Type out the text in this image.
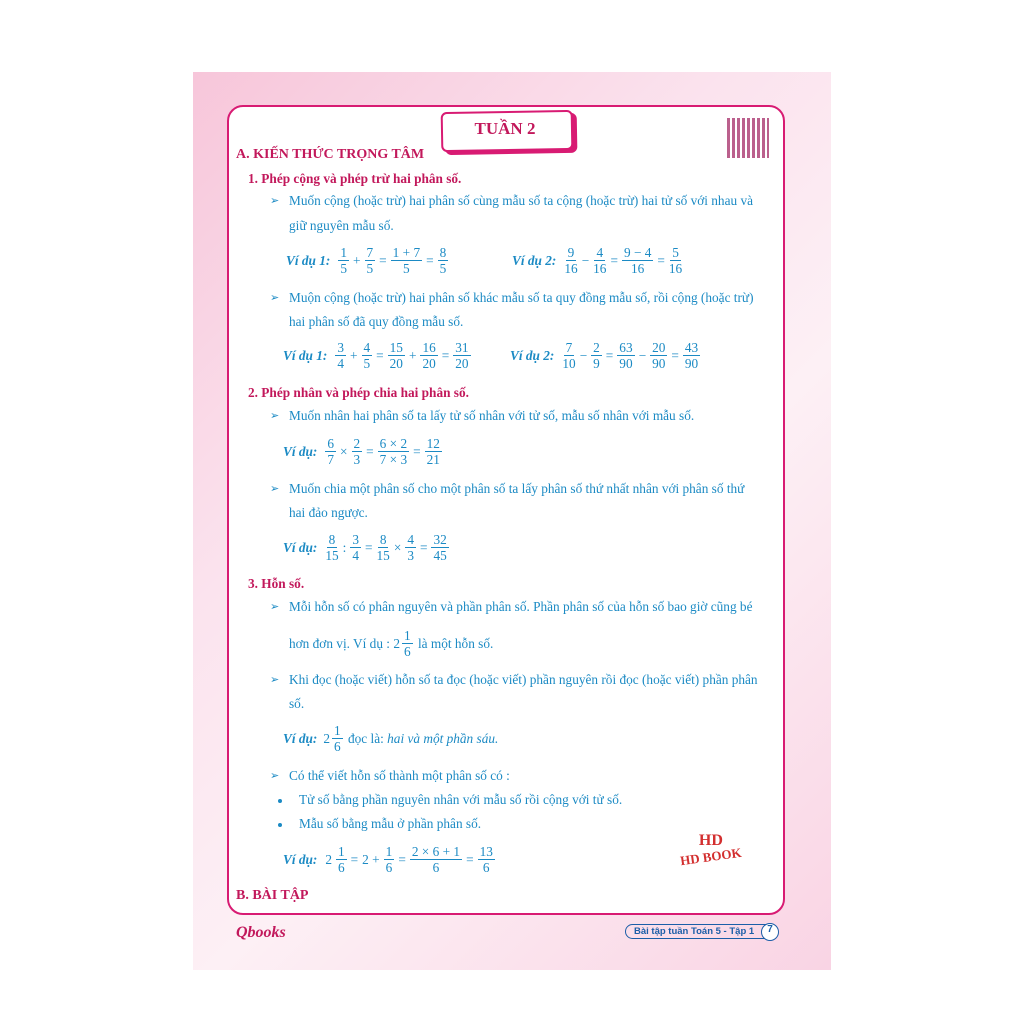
TUẦN 2
A. KIẾN THỨC TRỌNG TÂM
1. Phép cộng và phép trừ hai phân số.
➢ Muốn cộng (hoặc trừ) hai phân số cùng mẫu số ta cộng (hoặc trừ) hai tử số với nhau và
giữ nguyên mẫu số.
Ví dụ 1: $\frac{1}{5} + \frac{7}{5} = \frac{1 + 7}{5} = \frac{8}{5}$	Ví dụ 2: $\frac{9}{16} - \frac{4}{16} = \frac{9 - 4}{16} = \frac{5}{16}$
➢ Muộn cộng (hoặc trừ) hai phân số khác mẫu số ta quy đồng mẫu số, rồi cộng (hoặc trừ)
hai phân số đã quy đồng mẫu số.
Ví dụ 1: $\frac{3}{4} + \frac{4}{5} = \frac{15}{20} + \frac{16}{20} = \frac{31}{20}$	Ví dụ 2: $\frac{7}{10} - \frac{2}{9} = \frac{63}{90} - \frac{20}{90} = \frac{43}{90}$
2. Phép nhân và phép chia hai phân số.
➢ Muốn nhân hai phân số ta lấy tử số nhân với tử số, mẫu số nhân với mẫu số.
Ví dụ: $\frac{6}{7} \times \frac{2}{3} = \frac{6 \times 2}{7 \times 3} = \frac{12}{21}$
➢ Muốn chia một phân số cho một phân số ta lấy phân số thứ nhất nhân với phân số thứ
hai đảo ngược.
Ví dụ: $\frac{8}{15}$ : $\frac{3}{4} = \frac{8}{15} \times \frac{4}{3} = \frac{32}{45}$
3. Hỗn số.
➢ Mỗi hỗn số có phân nguyên và phần phân số. Phần phân số của hỗn số bao giờ cũng bé
hơn đơn vị. Ví dụ :
$2 \frac{1}{6}$
là một hỗn số.
➢ Khi đọc (hoặc viết) hỗn số ta đọc (hoặc viết) phần nguyên rồi đọc (hoặc viết) phần phân
số.
Ví dụ: $2 \frac{1}{6}$
đọc là:
hai và một phần sáu.
➢ Có thể viết hỗn số thành một phân số có :
Tử số bằng phần nguyên nhân với mẫu số rồi cộng với tử số.
Mẫu số bằng mẫu ở phần phân số.
Ví dụ: $2 \frac{1}{6} = 2 + \frac{1}{6} = \frac{2 \times 6 + 1}{6} = \frac{13}{6}$
HD
HD BOOK
B. BÀI TẬP
Qbooks	Bài tập tuần Toán 5 - Tập 1	7
